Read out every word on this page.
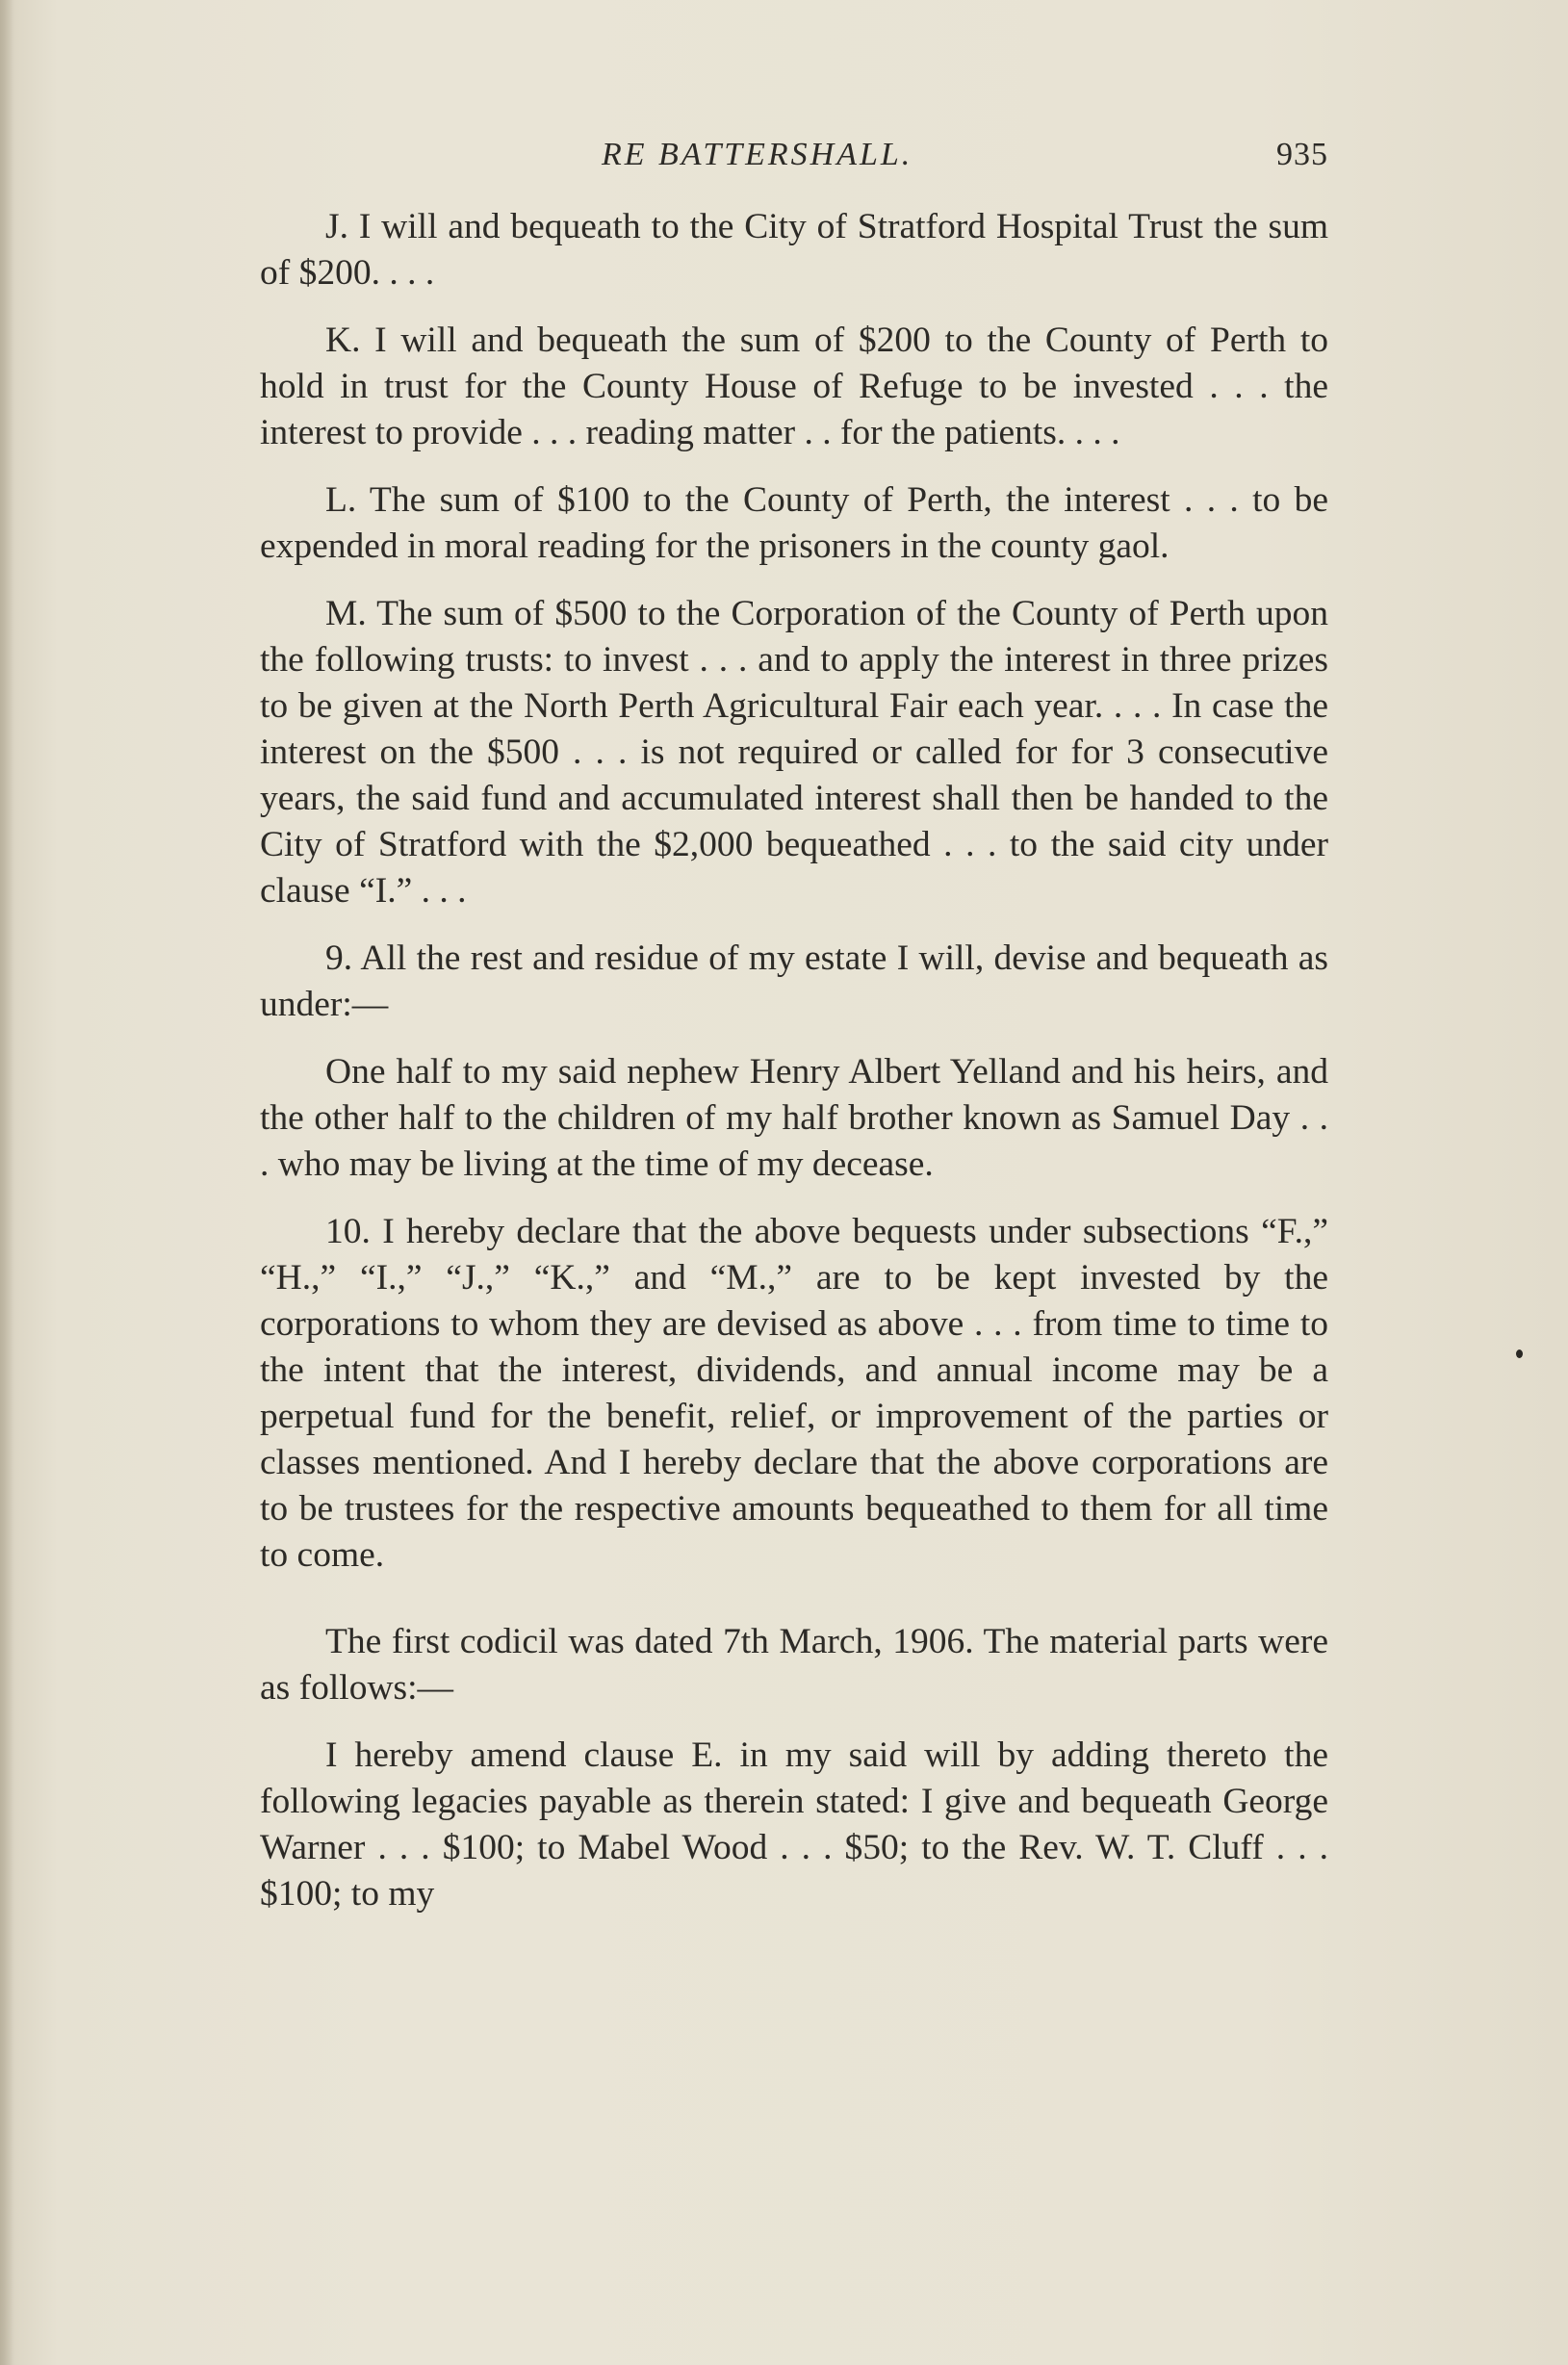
RE BATTERSHALL.	935

J. I will and bequeath to the City of Stratford Hospital Trust the sum of $200. . . .

K. I will and bequeath the sum of $200 to the County of Perth to hold in trust for the County House of Refuge to be invested . . . the interest to provide . . . reading matter . . for the patients. . . .

L. The sum of $100 to the County of Perth, the interest . . . to be expended in moral reading for the prisoners in the county gaol.

M. The sum of $500 to the Corporation of the County of Perth upon the following trusts: to invest . . . and to apply the interest in three prizes to be given at the North Perth Agricultural Fair each year. . . . In case the interest on the $500 . . . is not required or called for for 3 consecutive years, the said fund and accumulated interest shall then be handed to the City of Stratford with the $2,000 bequeathed . . . to the said city under clause “I.” . . .

9. All the rest and residue of my estate I will, devise and bequeath as under:—

One half to my said nephew Henry Albert Yelland and his heirs, and the other half to the children of my half brother known as Samuel Day . . . who may be living at the time of my decease.

10. I hereby declare that the above bequests under subsections “F.,” “H.,” “I.,” “J.,” “K.,” and “M.,” are to be kept invested by the corporations to whom they are devised as above . . . from time to time to the intent that the interest, dividends, and annual income may be a perpetual fund for the benefit, relief, or improvement of the parties or classes mentioned. And I hereby declare that the above corporations are to be trustees for the respective amounts bequeathed to them for all time to come.

The first codicil was dated 7th March, 1906. The material parts were as follows:—

I hereby amend clause E. in my said will by adding thereto the following legacies payable as therein stated: I give and bequeath George Warner . . . $100; to Mabel Wood . . . $50; to the Rev. W. T. Cluff . . . $100; to my
